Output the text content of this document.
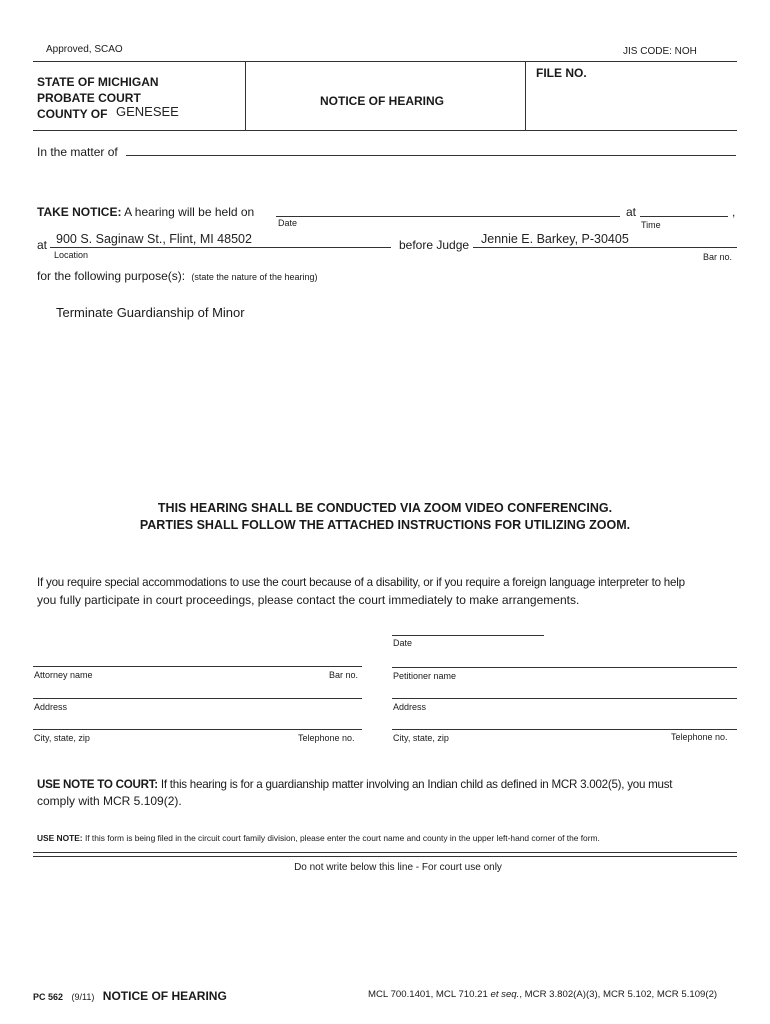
Approved, SCAO	JIS CODE: NOH
STATE OF MICHIGAN
PROBATE COURT
COUNTY OF GENESEE
NOTICE OF HEARING
FILE NO.
In the matter of
TAKE NOTICE: A hearing will be held on
Date
at	,
Time
at 900 S. Saginaw St., Flint, MI 48502
Location
before Judge Jennie E. Barkey, P-30405
Bar no.
for the following purpose(s): (state the nature of the hearing)
Terminate Guardianship of Minor
THIS HEARING SHALL BE CONDUCTED VIA ZOOM VIDEO CONFERENCING.
PARTIES SHALL FOLLOW THE ATTACHED INSTRUCTIONS FOR UTILIZING ZOOM.
If you require special accommodations to use the court because of a disability, or if you require a foreign language interpreter to help
you fully participate in court proceedings, please contact the court immediately to make arrangements.
Date
Attorney name	Bar no.	Petitioner name
Address	Address
City, state, zip	Telephone no.	City, state, zip	Telephone no.
USE NOTE TO COURT: If this hearing is for a guardianship matter involving an Indian child as defined in MCR 3.002(5), you must
comply with MCR 5.109(2).
USE NOTE: If this form is being filed in the circuit court family division, please enter the court name and county in the upper left-hand corner of the form.
Do not write below this line - For court use only
PC 562 (9/11) NOTICE OF HEARING	MCL 700.1401, MCL 710.21 et seq., MCR 3.802(A)(3), MCR 5.102, MCR 5.109(2)
